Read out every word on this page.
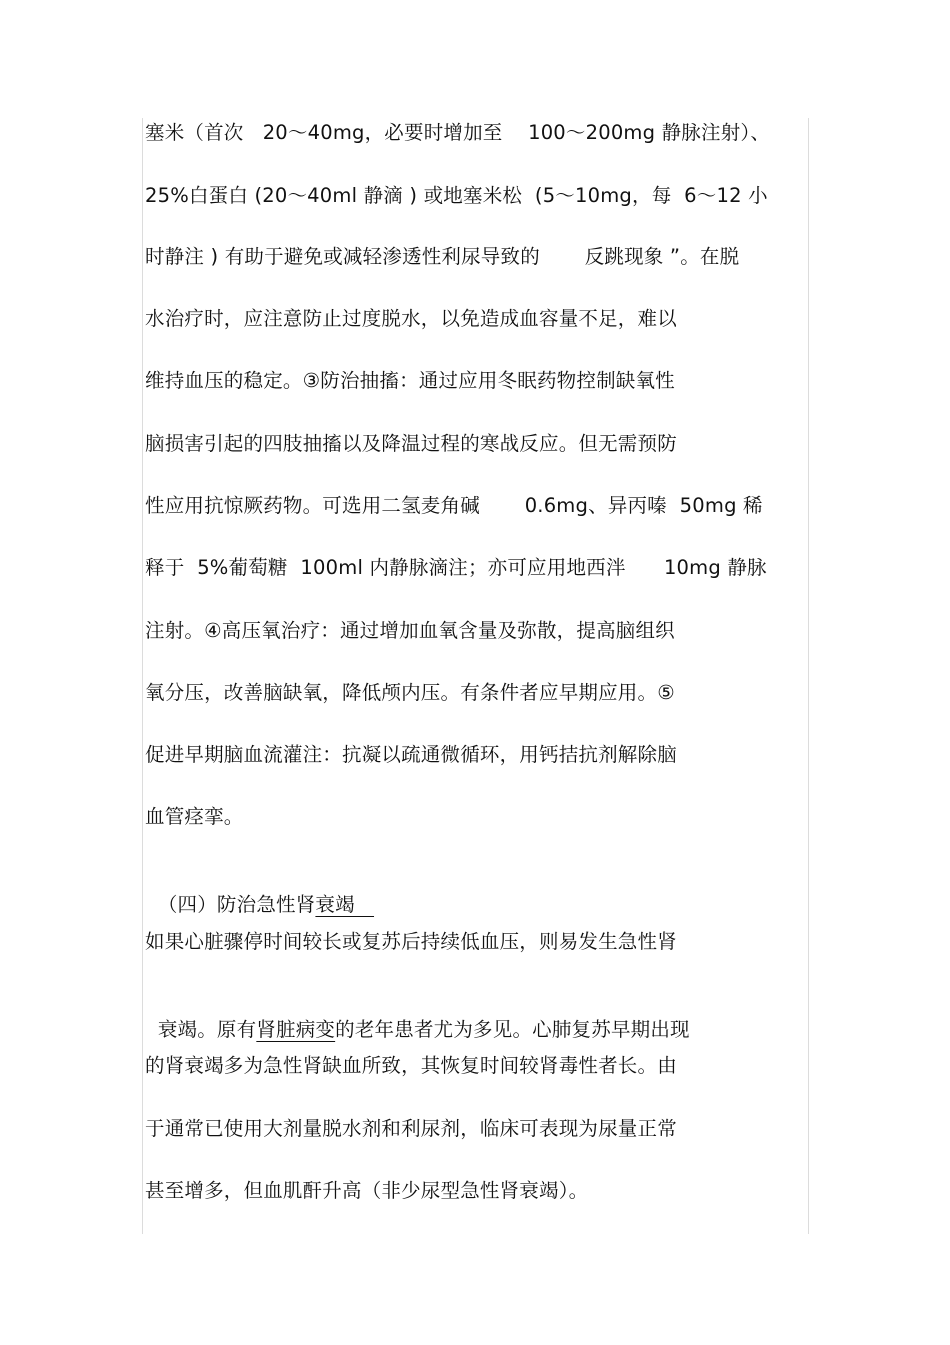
塞米（首次   20～40mg，必要时增加至    100～200mg 静脉注射）、
25%白蛋白 (20～40ml 静滴 ) 或地塞米松  (5～10mg，每  6～12 小
时静注 ) 有助于避免或减轻渗透性利尿导致的       反跳现象 ”。在脱
水治疗时，应注意防止过度脱水，以免造成血容量不足，难以
维持血压的稳定。③防治抽搐：通过应用冬眠药物控制缺氧性
脑损害引起的四肢抽搐以及降温过程的寒战反应。但无需预防
性应用抗惊厥药物。可选用二氢麦角碱       0.6mg、异丙嗪  50mg 稀
释于  5%葡萄糖  100ml 内静脉滴注；亦可应用地西泮      10mg 静脉
注射。④高压氧治疗：通过增加血氧含量及弥散，提高脑组织
氧分压，改善脑缺氧，降低颅内压。有条件者应早期应用。⑤
促进早期脑血流灌注：抗凝以疏通微循环，用钙拮抗剂解除脑
血管痉挛。

（四）防治急性肾衰竭

如果心脏骤停时间较长或复苏后持续低血压，则易发生急性肾

衰竭。原有肾脏病变的老年患者尤为多见。心肺复苏早期出现

的肾衰竭多为急性肾缺血所致，其恢复时间较肾毒性者长。由
于通常已使用大剂量脱水剂和利尿剂，临床可表现为尿量正常
甚至增多，但血肌酐升高（非少尿型急性肾衰竭）。
